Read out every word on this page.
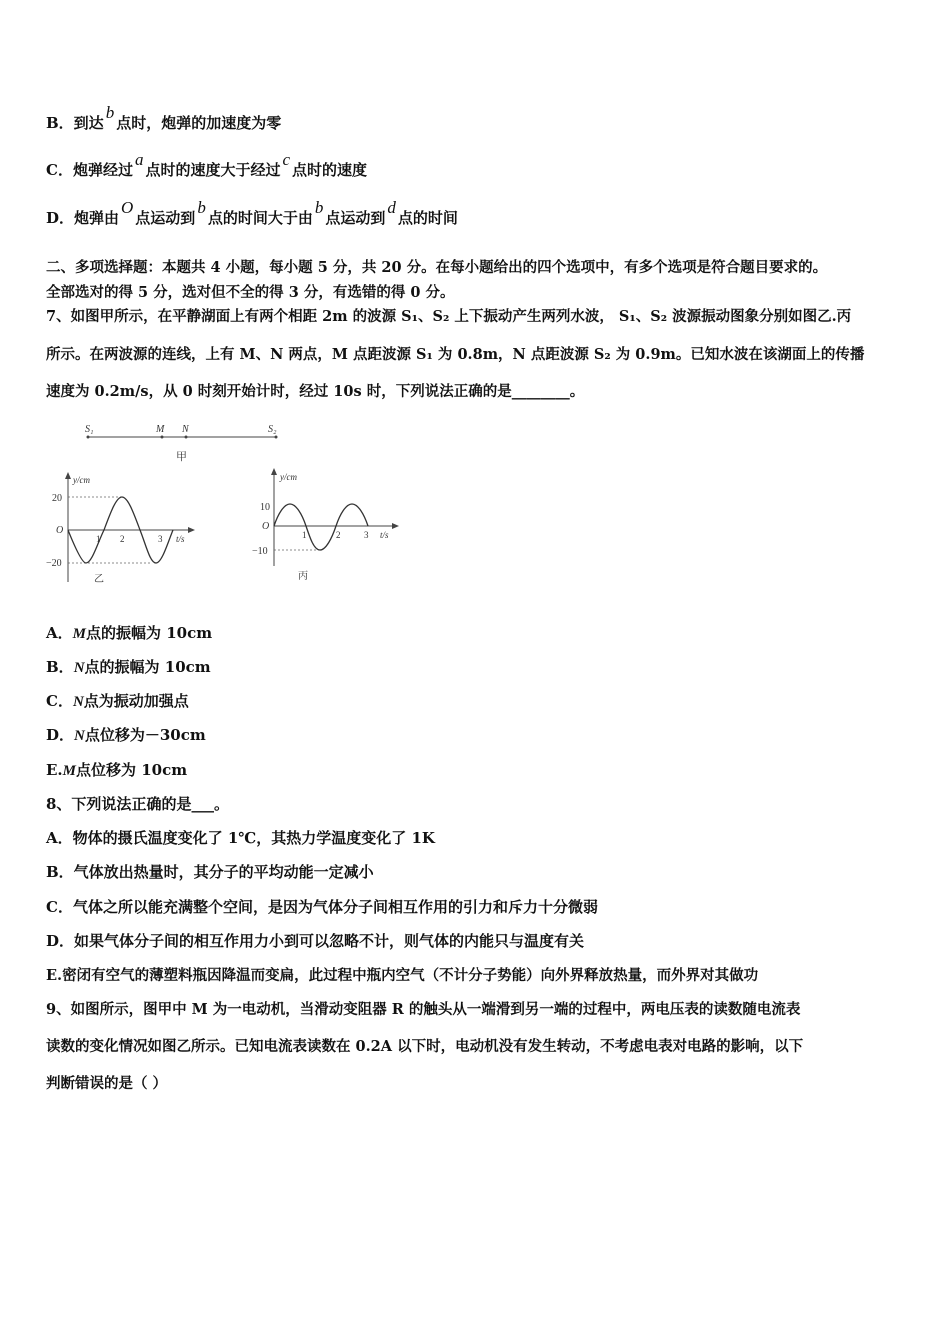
B．到达b点时，炮弹的加速度为零
C．炮弹经过a点时的速度大于经过c点时的速度
D．炮弹由O点运动到b点的时间大于由b点运动到d点的时间
二、多项选择题：本题共 4 小题，每小题 5 分，共 20 分。在每小题给出的四个选项中，有多个选项是符合题目要求的。
全部选对的得 5 分，选对但不全的得 3 分，有选错的得 0 分。
7、如图甲所示，在平静湖面上有两个相距 2m 的波源 S₁、S₂ 上下振动产生两列水波， S₁、S₂ 波源振动图象分别如图乙.丙
所示。在两波源的连线，上有 M、N 两点，M 点距波源 S₁ 为 0.8m，N 点距波源 S₂ 为 0.9m。已知水波在该湖面上的传播
速度为 0.2m/s，从 0 时刻开始计时，经过 10s 时，下列说法正确的是________。
S₁	M N	S₂
甲
y/cm
20
−20
O
1 2	3 t/s
乙
y/cm
10
−10
O
1	2	3 t/s
丙
A．M点的振幅为 10cm
B．N点的振幅为 10cm
C．N点为振动加强点
D．N点位移为－30cm
E.M点位移为 10cm
8、下列说法正确的是___。
A．物体的摄氏温度变化了 1℃，其热力学温度变化了 1K
B．气体放出热量时，其分子的平均动能一定减小
C．气体之所以能充满整个空间，是因为气体分子间相互作用的引力和斥力十分微弱
D．如果气体分子间的相互作用力小到可以忽略不计，则气体的内能只与温度有关
E.密闭有空气的薄塑料瓶因降温而变扁，此过程中瓶内空气（不计分子势能）向外界释放热量，而外界对其做功
9、如图所示，图甲中 M 为一电动机，当滑动变阻器 R 的触头从一端滑到另一端的过程中，两电压表的读数随电流表
读数的变化情况如图乙所示。已知电流表读数在 0.2A 以下时，电动机没有发生转动，不考虑电表对电路的影响，以下
判断错误的是（ ）
